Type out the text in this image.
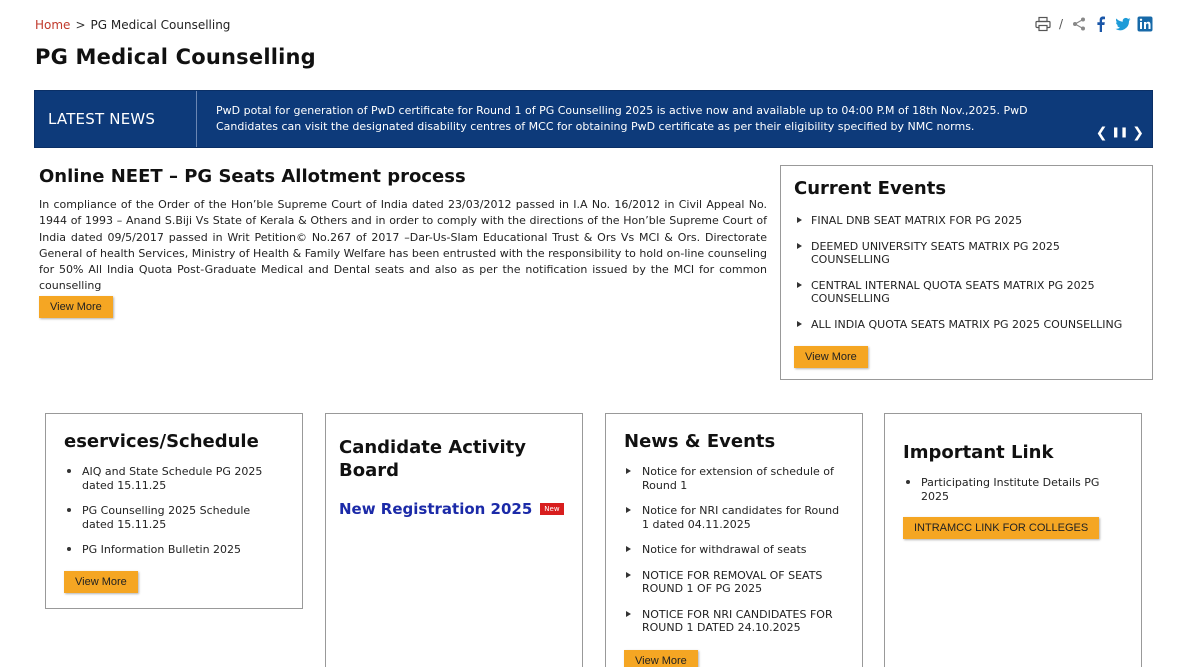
Home > PG Medical Counselling	/
PG Medical Counselling
LATEST NEWS	PwD potal for generation of PwD certificate for Round 1 of PG Counselling 2025 is active now and available up to 04:00 P.M of 18th Nov.,2025. PwD Candidates can visit the designated disability centres of MCC for obtaining PwD certificate as per their eligibility specified by NMC norms.	❮ ❚❚ ❯
Online NEET – PG Seats Allotment process

In compliance of the Order of the Hon’ble Supreme Court of India dated 23/03/2012 passed in I.A No. 16/2012 in Civil Appeal No. 1944 of 1993 – Anand S.Biji Vs State of Kerala & Others and in order to comply with the directions of the Hon’ble Supreme Court of India dated 09/5/2017 passed in Writ Petition© No.267 of 2017 –Dar-Us-Slam Educational Trust & Ors Vs MCI & Ors. Directorate General of health Services, Ministry of Health & Family Welfare has been entrusted with the responsibility to hold on-line counseling for 50% All India Quota Post-Graduate Medical and Dental seats and also as per the notification issued by the MCI for common counselling

View More
Current Events
FINAL DNB SEAT MATRIX FOR PG 2025
DEEMED UNIVERSITY SEATS MATRIX PG 2025 COUNSELLING
CENTRAL INTERNAL QUOTA SEATS MATRIX PG 2025 COUNSELLING
ALL INDIA QUOTA SEATS MATRIX PG 2025 COUNSELLING
View More
eservices/Schedule
AIQ and State Schedule PG 2025 dated 15.11.25
PG Counselling 2025 Schedule dated 15.11.25
PG Information Bulletin 2025
View More
Candidate Activity Board
New Registration 2025	New
News & Events
Notice for extension of schedule of Round 1
Notice for NRI candidates for Round 1 dated 04.11.2025
Notice for withdrawal of seats
NOTICE FOR REMOVAL OF SEATS ROUND 1 OF PG 2025
NOTICE FOR NRI CANDIDATES FOR ROUND 1 DATED 24.10.2025
View More
Important Link
Participating Institute Details PG 2025
INTRAMCC LINK FOR COLLEGES
